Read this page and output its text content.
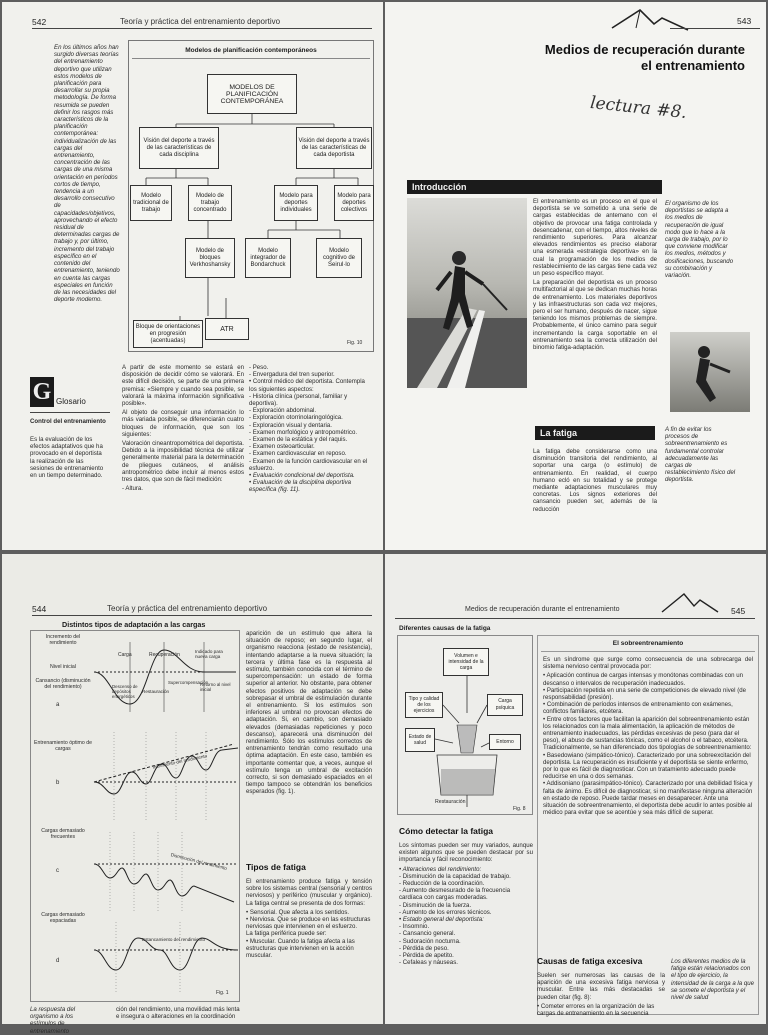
542	Teoría y práctica del entrenamiento deportivo
En los últimos años han surgido diversas teorías del entrenamiento deportivo que utilizan estos modelos de planificación para desarrollar su propia metodología. De forma resumida se pueden definir los rasgos más característicos de la planificación contemporánea: individualización de las cargas del entrenamiento, concentración de las cargas de una misma orientación en períodos cortos de tiempo, tendencia a un desarrollo consecutivo de capacidades/objetivos, aprovechando el efecto residual de determinadas cargas de trabajo y, por último, incremento del trabajo específico en el contenido del entrenamiento, teniendo en cuenta las cargas especiales en función de las necesidades del deporte moderno.
Modelos de planificación contemporáneos
MODELOS DE PLANIFICACIÓN CONTEMPORÁNEA
Visión del deporte a través de las características de cada disciplina
Visión del deporte a través de las características de cada deportista
Modelo tradicional de trabajo
Modelo de trabajo concentrado
Modelo para deportes individuales
Modelo para deportes colectivos
Modelo de bloques Verkhoshansky
Modelo integrador de Bondarchuck
Modelo cognitivo de Seirul·lo
Bloque de orientaciones en progresión (acentuadas)
ATR
Fig. 10
G Glosario
Control del entrenamiento
Es la evaluación de los efectos adaptativos que ha provocado en el deportista la realización de las sesiones de entrenamiento en un tiempo determinado.

A partir de este momento se estará en disposición de decidir cómo se valorará. En este difícil decisión, se parte de una primera premisa: «Siempre y cuando sea posible, se valorará la máxima información significativa posible».

Al objeto de conseguir una información lo más variada posible, se diferenciarán cuatro bloques de información, que son los siguientes:

Valoración cineantropométrica del deportista. Debido a la imposibilidad técnica de utilizar generalmente material para la determinación de pliegues cutáneos, el análisis antropométrico debe incluir al menos estos tres datos, que son de fácil medición:

- Altura.

- Peso.
- Envergadura del tren superior.
• Control médico del deportista. Contempla los siguientes aspectos:
- Historia clínica (personal, familiar y deportiva).
- Exploración abdominal.
- Exploración otorrinolaringológica.
- Exploración visual y dentaria.
- Examen morfológico y antropométrico.
- Examen de la estática y del raquis.
- Examen osteoarticular.
- Examen cardiovascular en reposo.
- Examen de la función cardiovascular en el esfuerzo.
• Evaluación condicional del deportista.
• Evaluación de la disciplina deportiva específica (fig. 11).
543
Medios de recuperación durante
el entrenamiento
lectura #8.
Introducción

El entrenamiento es un proceso en el que el deportista se ve sometido a una serie de cargas establecidas de antemano con el objetivo de provocar una fatiga controlada y desencadenar, con el tiempo, altos niveles de rendimiento superiores. Para alcanzar elevados rendimientos es preciso elaborar una esmerada «estrategia deportiva» en la cual la programación de los medios de restablecimiento de las cargas tiene cada vez un peso específico mayor.

La preparación del deportista es un proceso multifactorial al que se dedican muchas horas de entrenamiento. Los materiales deportivos y las infraestructuras son cada vez mejores, pero el ser humano, después de nacer, sigue teniendo los mismos problemas de siempre. Probablemente, el único camino para seguir incrementando la carga soportable en el entrenamiento sea la correcta utilización del binomio fatiga-adaptación.

El organismo de los deportistas se adapta a los medios de recuperación de igual modo que lo hace a la carga de trabajo, por lo que conviene modificar los medios, métodos y dosificaciones, buscando su combinación y variación.
La fatiga

La fatiga debe considerarse como una disminución transitoria del rendimiento, al soportar una carga (o estímulo) de entrenamiento. En realidad, el cuerpo humano ecló en su totalidad y se protege mediante adaptaciones musculares muy concretas. Los signos exteriores del cansancio pueden ser, además de la reducción

A fin de evitar los procesos de sobreentrenamiento es fundamental controlar adecuadamente las cargas de restablecimiento físico del deportista.
544	Teoría y práctica del entrenamiento deportivo
Distintos tipos de adaptación a las cargas
Incremento del rendimiento
Nivel inicial
Cansancio (disminución del rendimiento)
a
Entrenamiento óptimo de cargas
b
Cargas demasiado frecuentes
c
Cargas demasiado espaciadas
d
Carga	Recuperación
Indicado para nueva carga
Descenso de depósitos energéticos
Restauración
Supercompensación
Retorno al nivel inicial
Incremento del rendimiento
Disminución del rendimiento
Estancamiento del rendimiento
Fig. 1
La respuesta del organismo a los estímulos de entrenamiento

aparición de un estímulo que altera la situación de reposo; en segundo lugar, el organismo reacciona (estado de resistencia), intentando adaptarse a la nueva situación; la tercera y última fase es la respuesta al estímulo, también conocida con el término de supercompensación: un estado de forma superior al anterior. No obstante, para obtener efectos positivos de adaptación se debe sobrepasar el umbral de estimulación durante el entrenamiento. Si los estímulos son inferiores al umbral no provocan efectos de adaptación. Si, en cambio, son demasiado elevados (demasiadas repeticiones y poco descanso), aparecerá una disminución del rendimiento. Sólo los estímulos correctos de entrenamiento tendrán como resultado una óptima adaptación. En este caso, también es importante comentar que, a veces, aunque el estímulo tenga un umbral de excitación correcto, si son demasiado espaciados en el tiempo tampoco se obtendrán los beneficios esperados (fig. 1).

Tipos de fatiga

El entrenamiento produce fatiga y tensión sobre los sistemas central (sensorial y centros nerviosos) y periférico (muscular y orgánico). La fatiga central se presenta de dos formas:

• Sensorial. Que afecta a los sentidos.
• Nerviosa. Que se produce en las estructuras nerviosas que intervienen en el esfuerzo.
La fatiga periférica puede ser:
• Muscular. Cuando la fatiga afecta a las estructuras que intervienen en la acción muscular.
ción del rendimiento, una movilidad más lenta e insegura o alteraciones en la coordinación
Medios de recuperación durante el entrenamiento	545
Diferentes causas de la fatiga
Volumen e intensidad de la carga
Tipo y calidad de los ejercicios
Carga psíquica
Estado de salud	Entorno
Restauración
Fig. 8
Cómo detectar la fatiga

Los síntomas pueden ser muy variados, aunque existen algunos que se pueden destacar por su importancia y fácil reconocimiento:

• Alteraciones del rendimiento:
- Disminución de la capacidad de trabajo.
- Reducción de la coordinación.
- Aumento desmesurado de la frecuencia cardíaca con cargas moderadas.
- Disminución de la fuerza.
- Aumento de los errores técnicos.
• Estado general del deportista:
- Insomnio.
- Cansancio general.
- Sudoración nocturna.
- Pérdida de peso.
- Pérdida de apetito.
- Cefaleas y náuseas.
El sobreentrenamiento

Es un síndrome que surge como consecuencia de una sobrecarga del sistema nervioso central provocada por:

• Aplicación continua de cargas intensas y monótonas combinadas con un descanso o intervalos de recuperación inadecuados.
• Participación repetida en una serie de competiciones de elevado nivel (de responsabilidad (presión).
• Combinación de períodos intensos de entrenamiento con exámenes, conflictos familiares, etcétera.
• Entre otros factores que facilitan la aparición del sobreentrenamiento están los relacionados con la mala alimentación, la aplicación de métodos de entrenamiento inadecuados, las pérdidas excesivas de peso (para dar el peso), el abuso de sustancias tóxicas, como el alcohol o el tabaco, etcétera.
Tradicionalmente, se han diferenciado dos tipologías de sobreentrenamiento:
• Basedowiano (simpático-tónico). Caracterizado por una sobreexcitación del deportista. La recuperación es insuficiente y el deportista se siente enfermo, por lo que es fácil de diagnosticar. Con un tratamiento adecuado puede reducirse en una o dos semanas.
• Addisoniano (parasimpático-tónico). Caracterizado por una debilidad física y falta de ánimo. Es difícil de diagnosticar, si no manifestase ninguna alteración en estado de reposo. Puede tardar meses en desaparecer. Ante una situación de sobreentrenamiento, el deportista debe acudir lo antes posible al médico para evitar que se acentúe y sea más difícil de superar.
Causas de fatiga excesiva

Suelen ser numerosas las causas de la aparición de una excesiva fatiga nerviosa y muscular. Entre las más destacadas se pueden citar (fig. 8):

• Cometer errores en la organización de las cargas de entrenamiento en la secuencia
Los diferentes medios de la fatiga están relacionados con el tipo de ejercicio, la intensidad de la carga a la que se somete el deportista y el nivel de salud
